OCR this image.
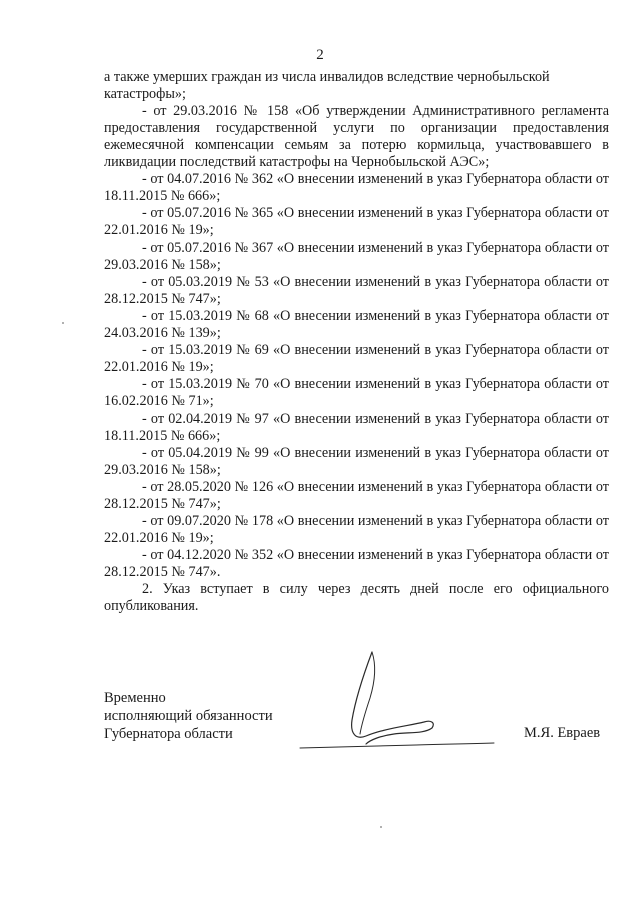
2

а также умерших граждан из числа инвалидов вследствие чернобыльской

катастрофы»;

- от 29.03.2016 № 158 «Об утверждении Административного регламента предоставления государственной услуги по организации предоставления ежемесячной компенсации семьям за потерю кормильца, участвовавшего в ликвидации последствий катастрофы на Чернобыльской АЭС»;

- от 04.07.2016 № 362 «О внесении изменений в указ Губернатора области от 18.11.2015 № 666»;

- от 05.07.2016 № 365 «О внесении изменений в указ Губернатора области от 22.01.2016 № 19»;

- от 05.07.2016 № 367 «О внесении изменений в указ Губернатора области от 29.03.2016 № 158»;

- от 05.03.2019 № 53 «О внесении изменений в указ Губернатора области от 28.12.2015 № 747»;

- от 15.03.2019 № 68 «О внесении изменений в указ Губернатора области от 24.03.2016 № 139»;

- от 15.03.2019 № 69 «О внесении изменений в указ Губернатора области от 22.01.2016 № 19»;

- от 15.03.2019 № 70 «О внесении изменений в указ Губернатора области от 16.02.2016 № 71»;

- от 02.04.2019 № 97 «О внесении изменений в указ Губернатора области от 18.11.2015 № 666»;

- от 05.04.2019 № 99 «О внесении изменений в указ Губернатора области от 29.03.2016 № 158»;

- от 28.05.2020 № 126 «О внесении изменений в указ Губернатора области от 28.12.2015 № 747»;

- от 09.07.2020 № 178 «О внесении изменений в указ Губернатора области от 22.01.2016 № 19»;

- от 04.12.2020 № 352 «О внесении изменений в указ Губернатора области от 28.12.2015 № 747».

2. Указ вступает в силу через десять дней после его официального опубликования.

Временно
исполняющий обязанности
Губернатора области	М.Я. Евраев
